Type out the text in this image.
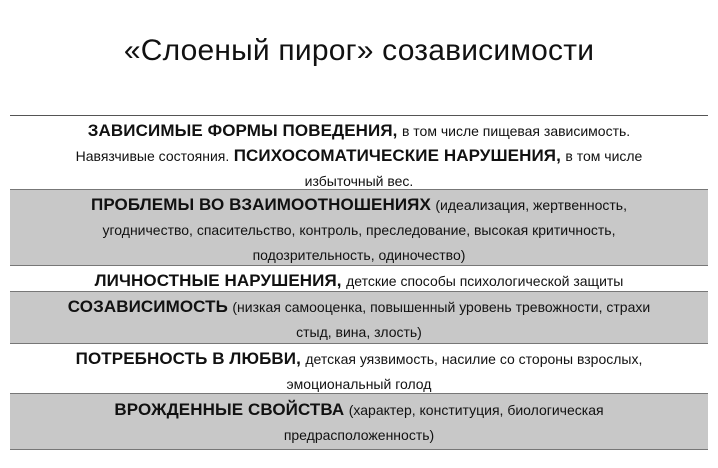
«Слоеный пирог» созависимости
ЗАВИСИМЫЕ ФОРМЫ ПОВЕДЕНИЯ, в том числе пищевая зависимость.
Навязчивые состояния. ПСИХОСОМАТИЧЕСКИЕ НАРУШЕНИЯ, в том числе
избыточный вес.
ПРОБЛЕМЫ ВО ВЗАИМООТНОШЕНИЯХ (идеализация, жертвенность,
угодничество, спасительство, контроль, преследование, высокая критичность,
подозрительность, одиночество)
ЛИЧНОСТНЫЕ НАРУШЕНИЯ, детские способы психологической защиты
СОЗАВИСИМОСТЬ (низкая самооценка, повышенный уровень тревожности, страхи
стыд, вина, злость)
ПОТРЕБНОСТЬ В ЛЮБВИ, детская уязвимость, насилие со стороны взрослых,
эмоциональный голод
ВРОЖДЕННЫЕ СВОЙСТВА (характер, конституция, биологическая
предрасположенность)
